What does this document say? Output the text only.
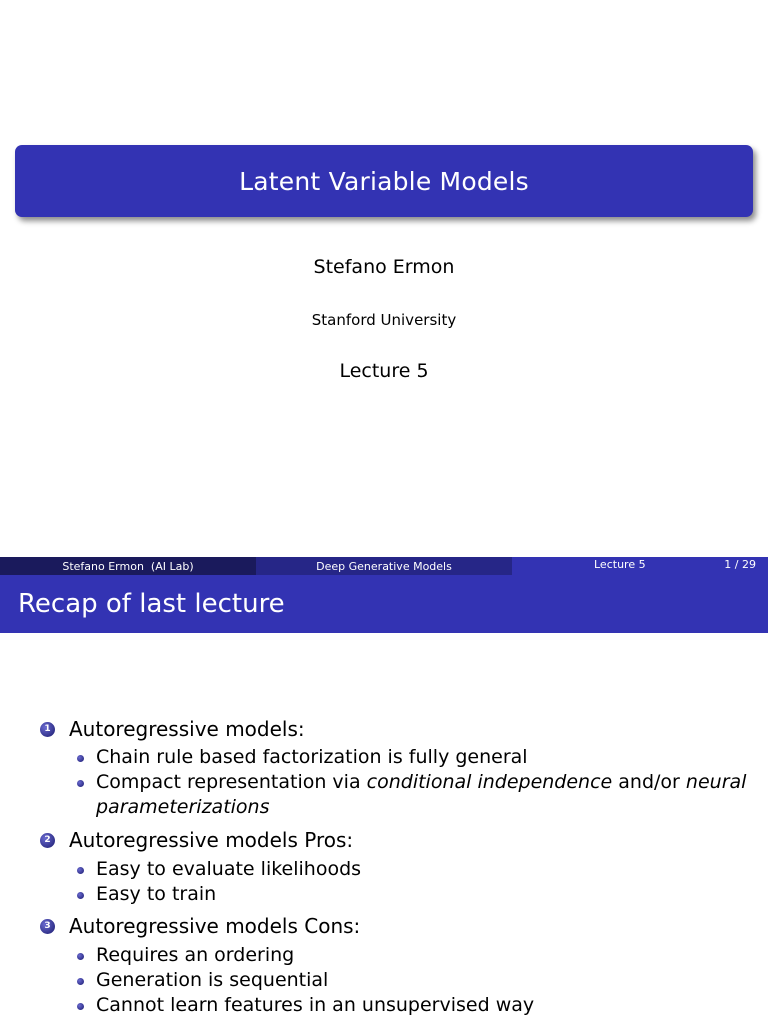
Latent Variable Models
Stefano Ermon
Stanford University
Lecture 5
Stefano Ermon  (AI Lab)	Deep Generative Models	Lecture 5	1 / 29
Recap of last lecture
1 Autoregressive models:
Chain rule based factorization is fully general
Compact representation via conditional independence and/or neural
parameterizations
2 Autoregressive models Pros:
Easy to evaluate likelihoods
Easy to train
3 Autoregressive models Cons:
Requires an ordering
Generation is sequential
Cannot learn features in an unsupervised way
